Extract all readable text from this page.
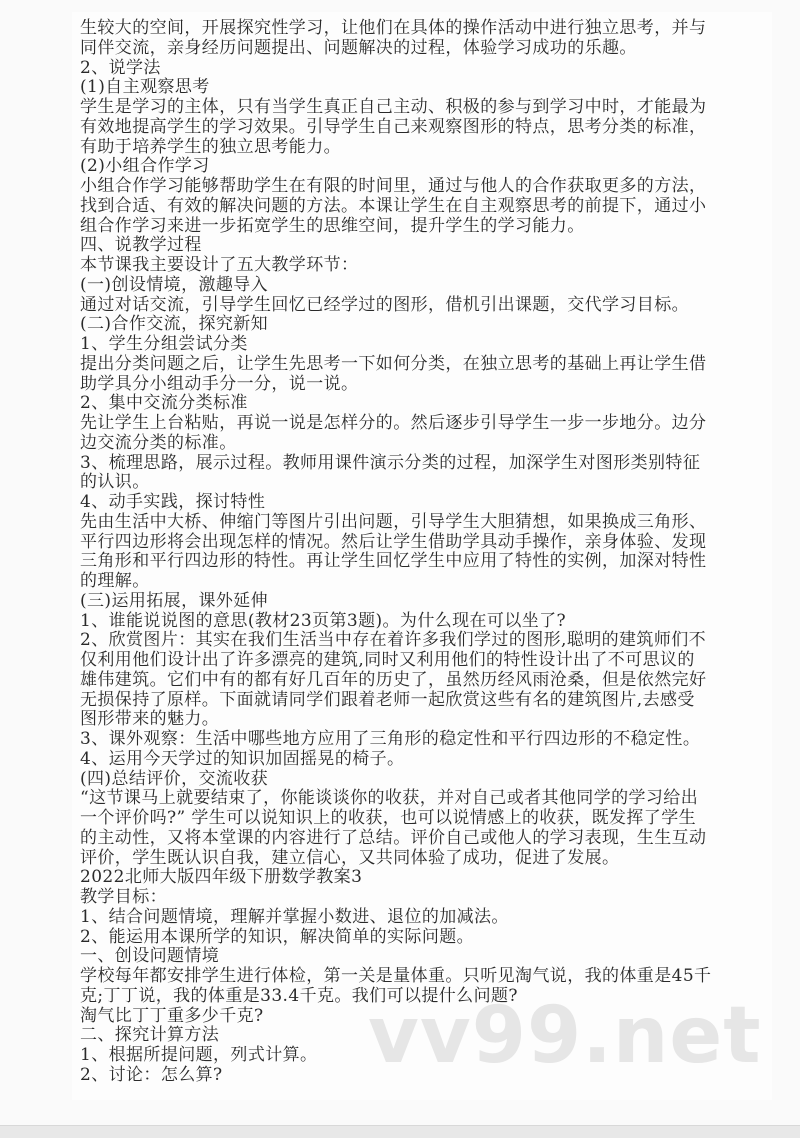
生较大的空间，开展探究性学习，让他们在具体的操作活动中进行独立思考，并与
同伴交流，亲身经历问题提出、问题解决的过程，体验学习成功的乐趣。
2、说学法
(1)自主观察思考
学生是学习的主体，只有当学生真正自己主动、积极的参与到学习中时，才能最为
有效地提高学生的学习效果。引导学生自己来观察图形的特点，思考分类的标准，
有助于培养学生的独立思考能力。
(2)小组合作学习
小组合作学习能够帮助学生在有限的时间里，通过与他人的合作获取更多的方法，
找到合适、有效的解决问题的方法。本课让学生在自主观察思考的前提下，通过小
组合作学习来进一步拓宽学生的思维空间，提升学生的学习能力。
四、说教学过程
本节课我主要设计了五大教学环节：
(一)创设情境，激趣导入
通过对话交流，引导学生回忆已经学过的图形，借机引出课题，交代学习目标。
(二)合作交流，探究新知
1、学生分组尝试分类
提出分类问题之后，让学生先思考一下如何分类，在独立思考的基础上再让学生借
助学具分小组动手分一分，说一说。
2、集中交流分类标准
先让学生上台粘贴，再说一说是怎样分的。然后逐步引导学生一步一步地分。边分
边交流分类的标准。
3、梳理思路，展示过程。教师用课件演示分类的过程，加深学生对图形类别特征
的认识。
4、动手实践，探讨特性
先由生活中大桥、伸缩门等图片引出问题，引导学生大胆猜想，如果换成三角形、
平行四边形将会出现怎样的情况。然后让学生借助学具动手操作，亲身体验、发现
三角形和平行四边形的特性。再让学生回忆学生中应用了特性的实例，加深对特性
的理解。
(三)运用拓展，课外延伸
1、谁能说说图的意思(教材23页第3题)。为什么现在可以坐了?
2、欣赏图片：其实在我们生活当中存在着许多我们学过的图形,聪明的建筑师们不
仅利用他们设计出了许多漂亮的建筑,同时又利用他们的特性设计出了不可思议的
雄伟建筑。它们中有的都有好几百年的历史了，虽然历经风雨沧桑，但是依然完好
无损保持了原样。下面就请同学们跟着老师一起欣赏这些有名的建筑图片,去感受
图形带来的魅力。
3、课外观察：生活中哪些地方应用了三角形的稳定性和平行四边形的不稳定性。
4、运用今天学过的知识加固摇晃的椅子。
(四)总结评价，交流收获
“这节课马上就要结束了，你能谈谈你的收获，并对自己或者其他同学的学习给出
一个评价吗?” 学生可以说知识上的收获，也可以说情感上的收获，既发挥了学生
的主动性，又将本堂课的内容进行了总结。评价自己或他人的学习表现，生生互动
评价，学生既认识自我，建立信心，又共同体验了成功，促进了发展。
2022北师大版四年级下册数学教案3
教学目标：
1、结合问题情境，理解并掌握小数进、退位的加减法。
2、能运用本课所学的知识，解决简单的实际问题。
一、创设问题情境
学校每年都安排学生进行体检，第一关是量体重。只听见淘气说，我的体重是45千
克;丁丁说，我的体重是33.4千克。我们可以提什么问题?
淘气比丁丁重多少千克?
二、探究计算方法
1、根据所提问题，列式计算。
2、讨论：怎么算?	vv99.net
